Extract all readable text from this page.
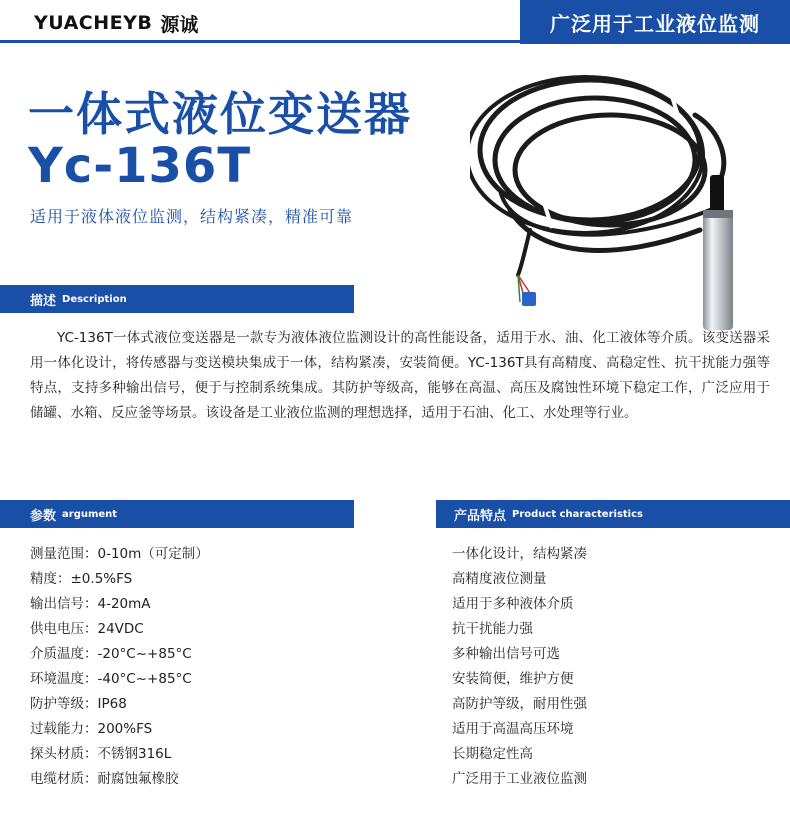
YUACHEYB 源诚	广泛用于工业液位监测
一体式液位变送器
Yc-136T
适用于液体液位监测，结构紧凑，精准可靠
描述 Description
YC-136T一体式液位变送器是一款专为液体液位监测设计的高性能设备，适用于水、油、化工液体等介质。该变送器采用一体化设计，将传感器与变送模块集成于一体，结构紧凑，安装简便。YC-136T具有高精度、高稳定性、抗干扰能力强等特点，支持多种输出信号，便于与控制系统集成。其防护等级高，能够在高温、高压及腐蚀性环境下稳定工作，广泛应用于储罐、水箱、反应釜等场景。该设备是工业液位监测的理想选择，适用于石油、化工、水处理等行业。
参数 argument
测量范围：0-10m（可定制）
精度：±0.5%FS
输出信号：4-20mA
供电电压：24VDC
介质温度：-20°C~+85°C
环境温度：-40°C~+85°C
防护等级：IP68
过载能力：200%FS
探头材质：不锈钢316L
电缆材质：耐腐蚀氟橡胶
产品特点 Product characteristics
一体化设计，结构紧凑
高精度液位测量
适用于多种液体介质
抗干扰能力强
多种输出信号可选
安装简便，维护方便
高防护等级，耐用性强
适用于高温高压环境
长期稳定性高
广泛用于工业液位监测
